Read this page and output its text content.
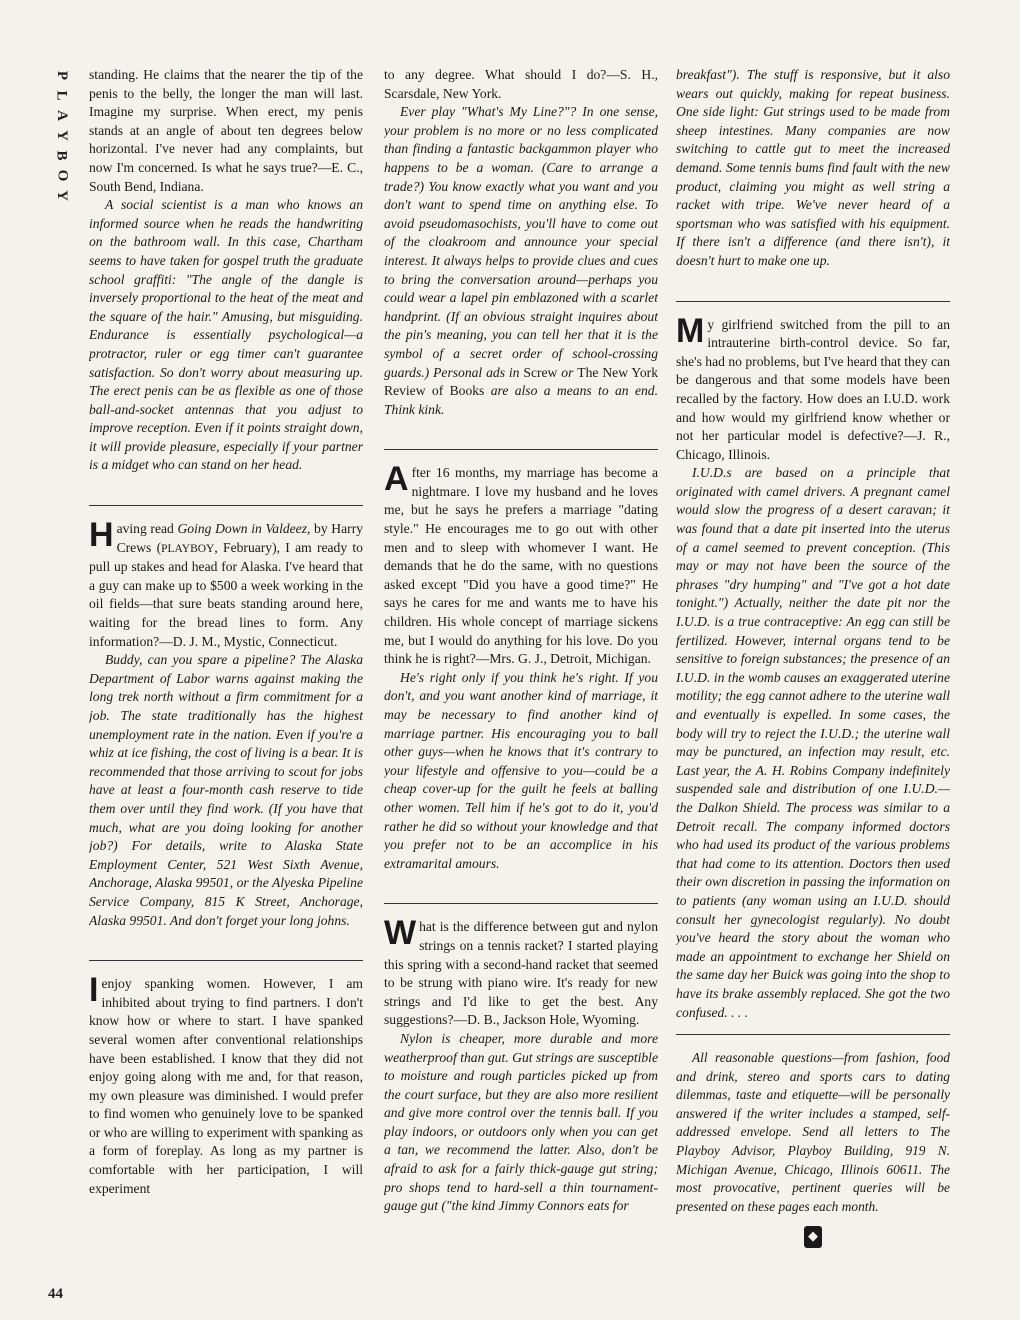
P
L
A
Y
B
O
Y
44

standing. He claims that the nearer the tip of the penis to the belly, the longer the man will last. Imagine my surprise. When erect, my penis stands at an angle of about ten degrees below horizontal. I've never had any complaints, but now I'm concerned. Is what he says true?—E. C., South Bend, Indiana.

A social scientist is a man who knows an informed source when he reads the handwriting on the bathroom wall. In this case, Chartham seems to have taken for gospel truth the graduate school graffiti: "The angle of the dangle is inversely proportional to the heat of the meat and the square of the hair." Amusing, but misguiding. Endurance is essentially psychological—a protractor, ruler or egg timer can't guarantee satisfaction. So don't worry about measuring up. The erect penis can be as flexible as one of those ball-and-socket antennas that you adjust to improve reception. Even if it points straight down, it will provide pleasure, especially if your partner is a midget who can stand on her head.

Having read Going Down in Valdeez, by Harry Crews (PLAYBOY, February), I am ready to pull up stakes and head for Alaska. I've heard that a guy can make up to $500 a week working in the oil fields—that sure beats standing around here, waiting for the bread lines to form. Any information?—D. J. M., Mystic, Connecticut.

Buddy, can you spare a pipeline? The Alaska Department of Labor warns against making the long trek north without a firm commitment for a job. The state traditionally has the highest unemployment rate in the nation. Even if you're a whiz at ice fishing, the cost of living is a bear. It is recommended that those arriving to scout for jobs have at least a four-month cash reserve to tide them over until they find work. (If you have that much, what are you doing looking for another job?) For details, write to Alaska State Employment Center, 521 West Sixth Avenue, Anchorage, Alaska 99501, or the Alyeska Pipeline Service Company, 815 K Street, Anchorage, Alaska 99501. And don't forget your long johns.

I enjoy spanking women. However, I am inhibited about trying to find partners. I don't know how or where to start. I have spanked several women after conventional relationships have been established. I know that they did not enjoy going along with me and, for that reason, my own pleasure was diminished. I would prefer to find women who genuinely love to be spanked or who are willing to experiment with spanking as a form of foreplay. As long as my partner is comfortable with her participation, I will experiment

to any degree. What should I do?—S. H., Scarsdale, New York.

Ever play "What's My Line?"? In one sense, your problem is no more or no less complicated than finding a fantastic backgammon player who happens to be a woman. (Care to arrange a trade?) You know exactly what you want and you don't want to spend time on anything else. To avoid pseudomasochists, you'll have to come out of the cloakroom and announce your special interest. It always helps to provide clues and cues to bring the conversation around—perhaps you could wear a lapel pin emblazoned with a scarlet handprint. (If an obvious straight inquires about the pin's meaning, you can tell her that it is the symbol of a secret order of school-crossing guards.) Personal ads in Screw or The New York Review of Books are also a means to an end. Think kink.

After 16 months, my marriage has become a nightmare. I love my husband and he loves me, but he says he prefers a marriage "dating style." He encourages me to go out with other men and to sleep with whomever I want. He demands that he do the same, with no questions asked except "Did you have a good time?" He says he cares for me and wants me to have his children. His whole concept of marriage sickens me, but I would do anything for his love. Do you think he is right?—Mrs. G. J., Detroit, Michigan.

He's right only if you think he's right. If you don't, and you want another kind of marriage, it may be necessary to find another kind of marriage partner. His encouraging you to ball other guys—when he knows that it's contrary to your lifestyle and offensive to you—could be a cheap cover-up for the guilt he feels at balling other women. Tell him if he's got to do it, you'd rather he did so without your knowledge and that you prefer not to be an accomplice in his extramarital amours.

What is the difference between gut and nylon strings on a tennis racket? I started playing this spring with a second-hand racket that seemed to be strung with piano wire. It's ready for new strings and I'd like to get the best. Any suggestions?—D. B., Jackson Hole, Wyoming.

Nylon is cheaper, more durable and more weatherproof than gut. Gut strings are susceptible to moisture and rough particles picked up from the court surface, but they are also more resilient and give more control over the tennis ball. If you play indoors, or outdoors only when you can get a tan, we recommend the latter. Also, don't be afraid to ask for a fairly thick-gauge gut string; pro shops tend to hard-sell a thin tournament-gauge gut ("the kind Jimmy Connors eats for

breakfast"). The stuff is responsive, but it also wears out quickly, making for repeat business. One side light: Gut strings used to be made from sheep intestines. Many companies are now switching to cattle gut to meet the increased demand. Some tennis bums find fault with the new product, claiming you might as well string a racket with tripe. We've never heard of a sportsman who was satisfied with his equipment. If there isn't a difference (and there isn't), it doesn't hurt to make one up.

My girlfriend switched from the pill to an intrauterine birth-control device. So far, she's had no problems, but I've heard that they can be dangerous and that some models have been recalled by the factory. How does an I.U.D. work and how would my girlfriend know whether or not her particular model is defective?—J. R., Chicago, Illinois.

I.U.D.s are based on a principle that originated with camel drivers. A pregnant camel would slow the progress of a desert caravan; it was found that a date pit inserted into the uterus of a camel seemed to prevent conception. (This may or may not have been the source of the phrases "dry humping" and "I've got a hot date tonight.") Actually, neither the date pit nor the I.U.D. is a true contraceptive: An egg can still be fertilized. However, internal organs tend to be sensitive to foreign substances; the presence of an I.U.D. in the womb causes an exaggerated uterine motility; the egg cannot adhere to the uterine wall and eventually is expelled. In some cases, the body will try to reject the I.U.D.; the uterine wall may be punctured, an infection may result, etc. Last year, the A. H. Robins Company indefinitely suspended sale and distribution of one I.U.D.—the Dalkon Shield. The process was similar to a Detroit recall. The company informed doctors who had used its product of the various problems that had come to its attention. Doctors then used their own discretion in passing the information on to patients (any woman using an I.U.D. should consult her gynecologist regularly). No doubt you've heard the story about the woman who made an appointment to exchange her Shield on the same day her Buick was going into the shop to have its brake assembly replaced. She got the two confused. . . .

All reasonable questions—from fashion, food and drink, stereo and sports cars to dating dilemmas, taste and etiquette—will be personally answered if the writer includes a stamped, self-addressed envelope. Send all letters to The Playboy Advisor, Playboy Building, 919 N. Michigan Avenue, Chicago, Illinois 60611. The most provocative, pertinent queries will be presented on these pages each month.

◆
